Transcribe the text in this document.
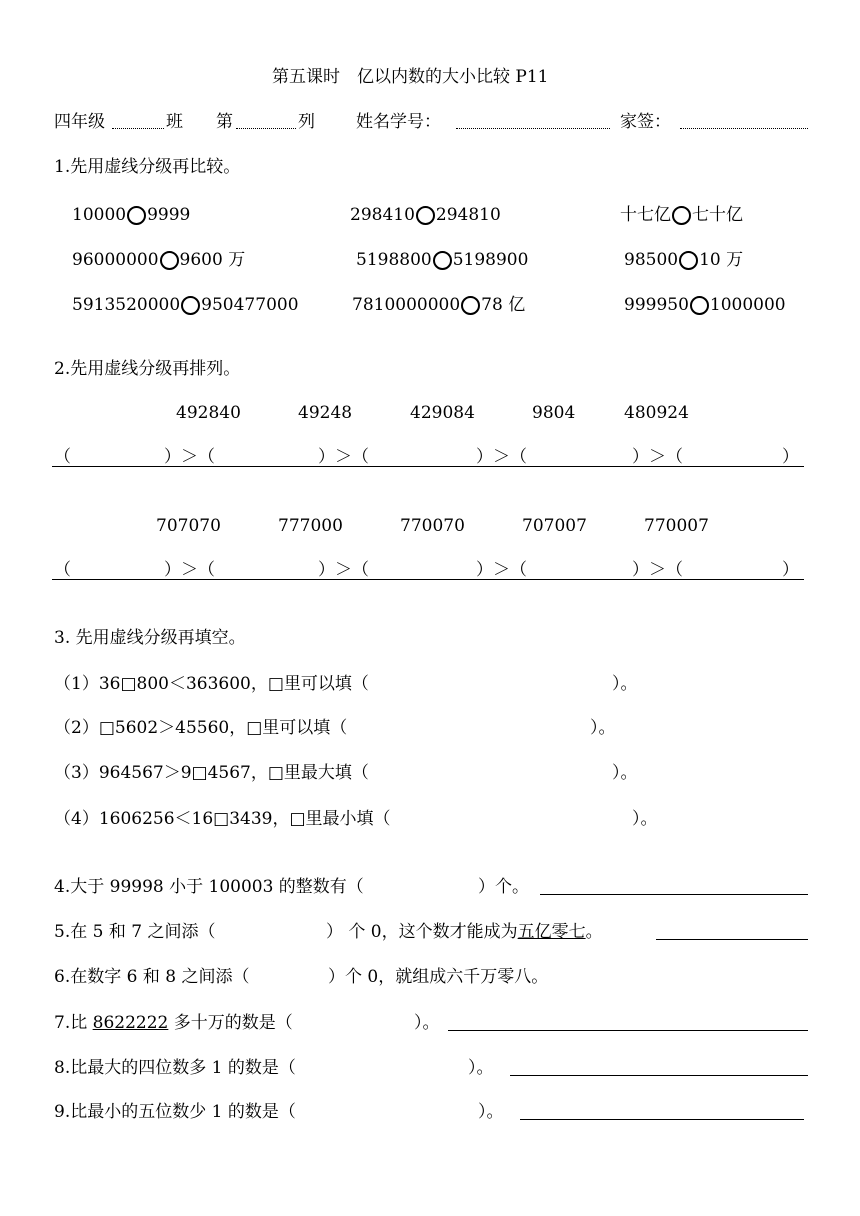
第五课时　亿以内数的大小比较 P11
四年级	班 第	列 姓名学号：	家签：
1.先用虚线分级再比较。
10000 9999	298410 294810	十七亿 七十亿
96000000 9600 万	5198800 5198900	98500 10 万
5913520000 950477000	7810000000 78 亿	999950 1000000
2.先用虚线分级再排列。
492840	49248	429084	9804	480924
（	）＞（	）＞（	）＞（	）＞（	）
707070	777000	770070	707007	770007
（	）＞（	）＞（	）＞（	）＞（	）
3. 先用虚线分级再填空。
（1）36□800＜363600，□里可以填（	）。
（2）□5602＞45560，□里可以填（	）。
（3）964567＞9□4567，□里最大填（	）。
（4）1606256＜16□3439，□里最小填（	）。
4.大于 99998 小于 100003 的整数有（	）个。
5.在 5 和 7 之间添（	） 个 0，这个数才能成为五亿零七。
6.在数字 6 和 8 之间添（	）个 0，就组成六千万零八。
7.比 8622222 多十万的数是（	）。
8.比最大的四位数多 1 的数是（	）。
9.比最小的五位数少 1 的数是（	）。
